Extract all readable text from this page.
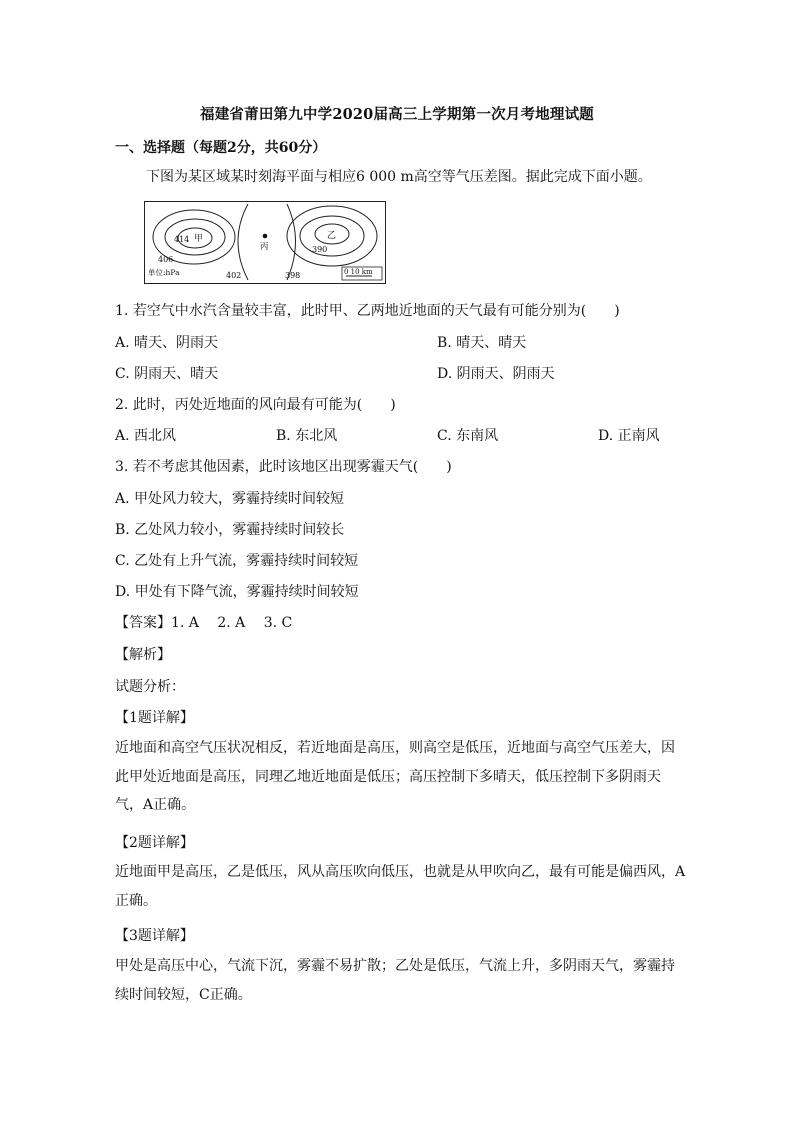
福建省莆田第九中学2020届高三上学期第一次月考地理试题
一、选择题（每题2分，共60分）
下图为某区域某时刻海平面与相应6 000 m高空等气压差图。据此完成下面小题。
414 甲
406
丙
乙
390
402	398
单位:hPa	0 10 km
1. 若空气中水汽含量较丰富，此时甲、乙两地近地面的天气最有可能分别为(　　)
A. 晴天、阴雨天	B. 晴天、晴天
C. 阴雨天、晴天	D. 阴雨天、阴雨天
2. 此时，丙处近地面的风向最有可能为(　　)
A. 西北风	B. 东北风	C. 东南风	D. 正南风
3. 若不考虑其他因素，此时该地区出现雾霾天气(　　)
A. 甲处风力较大，雾霾持续时间较短
B. 乙处风力较小，雾霾持续时间较长
C. 乙处有上升气流，雾霾持续时间较短
D. 甲处有下降气流，雾霾持续时间较短
【答案】1. A　 2. A　 3. C
【解析】
试题分析：
【1题详解】
近地面和高空气压状况相反，若近地面是高压，则高空是低压，近地面与高空气压差大，因此甲处近地面是高压，同理乙地近地面是低压；高压控制下多晴天，低压控制下多阴雨天气，A正确。
【2题详解】
近地面甲是高压，乙是低压，风从高压吹向低压，也就是从甲吹向乙，最有可能是偏西风，A正确。
【3题详解】
甲处是高压中心，气流下沉，雾霾不易扩散；乙处是低压，气流上升，多阴雨天气，雾霾持续时间较短，C正确。
